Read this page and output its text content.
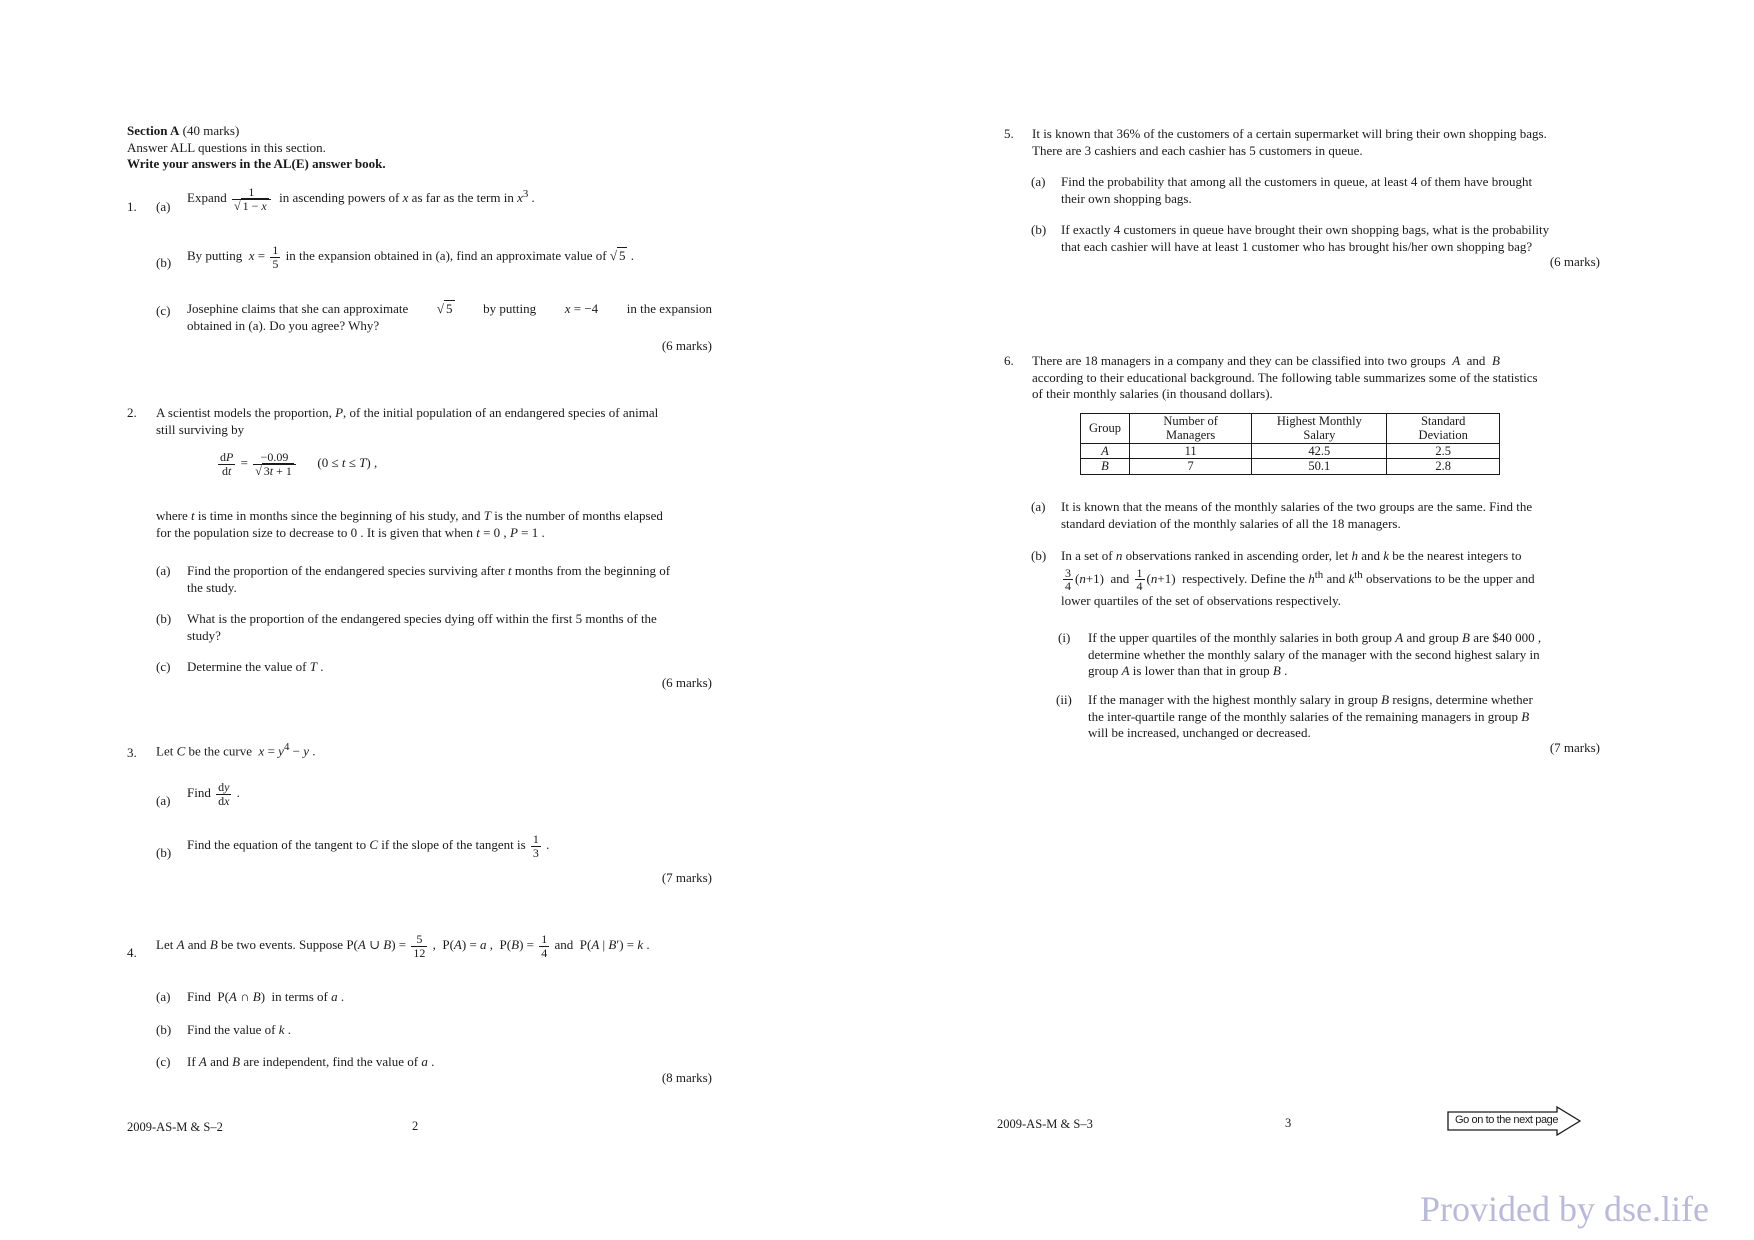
Section A (40 marks)
Answer ALL questions in this section.
Write your answers in the AL(E) answer book.
1. (a)
Expand $\frac{1}{√ 1 - x}$ in ascending powers of x as far as the term in $x^3$ .
(b) By putting $x = \frac{1}{5}$ in the expansion obtained in (a), find an approximate value of √ 5 .
(c) Josephine claims that she can approximate √ 5 by putting x = −4 in the expansion
obtained in (a). Do you agree? Why?
(6 marks)
2. A scientist models the proportion, P, of the initial population of an endangered species of animal
still surviving by
$\frac{dP}{dt} = \frac{-0.09}{√ 3t + 1} (0 \le t \le T)$ ,
where t is time in months since the beginning of his study, and T is the number of months elapsed
for the population size to decrease to 0 . It is given that when t = 0 , P = 1 .
(a) Find the proportion of the endangered species surviving after t months from the beginning of
the study.
(b) What is the proportion of the endangered species dying off within the first 5 months of the
study?
(c) Determine the value of T .
(6 marks)
3. Let C be the curve $x = y^4 - y$ .
(a)
Find $\frac{dy}{dx}$ .
(b)
Find the equation of the tangent to C if the slope of the tangent is $\frac{1}{3}$ .
(7 marks)
4.
Let A and B be two events. Suppose P(A ∪ $B) = \frac{5}{12}$ ,  P(A) = a ,  $P(B) = \frac{1}{4}$ and  P(A | B′) = k .
(a) Find  P(A ∩ B)  in terms of a .
(b) Find the value of k .
(c) If A and B are independent, find the value of a .
(8 marks)
2009-AS-M & S–2	2
5. It is known that 36% of the customers of a certain supermarket will bring their own shopping bags.
There are 3 cashiers and each cashier has 5 customers in queue.
(a) Find the probability that among all the customers in queue, at least 4 of them have brought
their own shopping bags.
(b) If exactly 4 customers in queue have brought their own shopping bags, what is the probability
that each cashier will have at least 1 customer who has brought his/her own shopping bag?
(6 marks)
6. There are 18 managers in a company and they can be classified into two groups A and B
according to their educational background. The following table summarizes some of the statistics
of their monthly salaries (in thousand dollars).
Group	Number of Managers	Highest Monthly Salary	Standard Deviation
A	11	42.5	2.5
B	7	50.1	2.8
(a) It is known that the means of the monthly salaries of the two groups are the same. Find the
standard deviation of the monthly salaries of all the 18 managers.
(b) In a set of n observations ranked in ascending order, let h and k be the nearest integers to
$\frac{3}{4} (n+1)$  and $\frac{1}{4} (n+1)$  respectively. Define the $h^{th}$ and $k^{th}$ observations to be the upper and
lower quartiles of the set of observations respectively.
(i) If the upper quartiles of the monthly salaries in both group A and group B are $40 000 ,
determine whether the monthly salary of the manager with the second highest salary in
group A is lower than that in group B .
(ii) If the manager with the highest monthly salary in group B resigns, determine whether
the inter-quartile range of the monthly salaries of the remaining managers in group B
will be increased, unchanged or decreased.
(7 marks)
2009-AS-M & S–3	3	Go on to the next page
Provided by dse.life
